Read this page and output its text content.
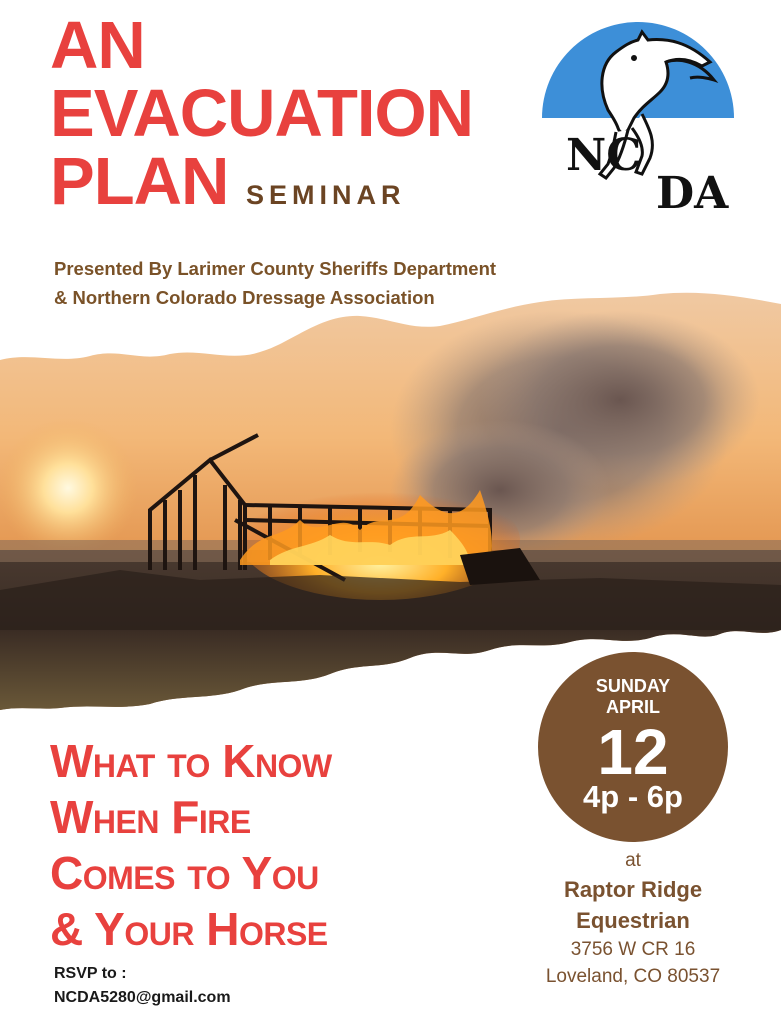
AN
EVACUATION
PLAN SEMINAR
Presented By Larimer County Sheriffs Department
& Northern Colorado Dressage Association
NC
DA
SUNDAY
APRIL
12
4p - 6p
at
Raptor Ridge
Equestrian
3756 W CR 16
Loveland, CO 80537
What to Know
When Fire
Comes to You
& Your Horse
RSVP to :
NCDA5280@gmail.com
